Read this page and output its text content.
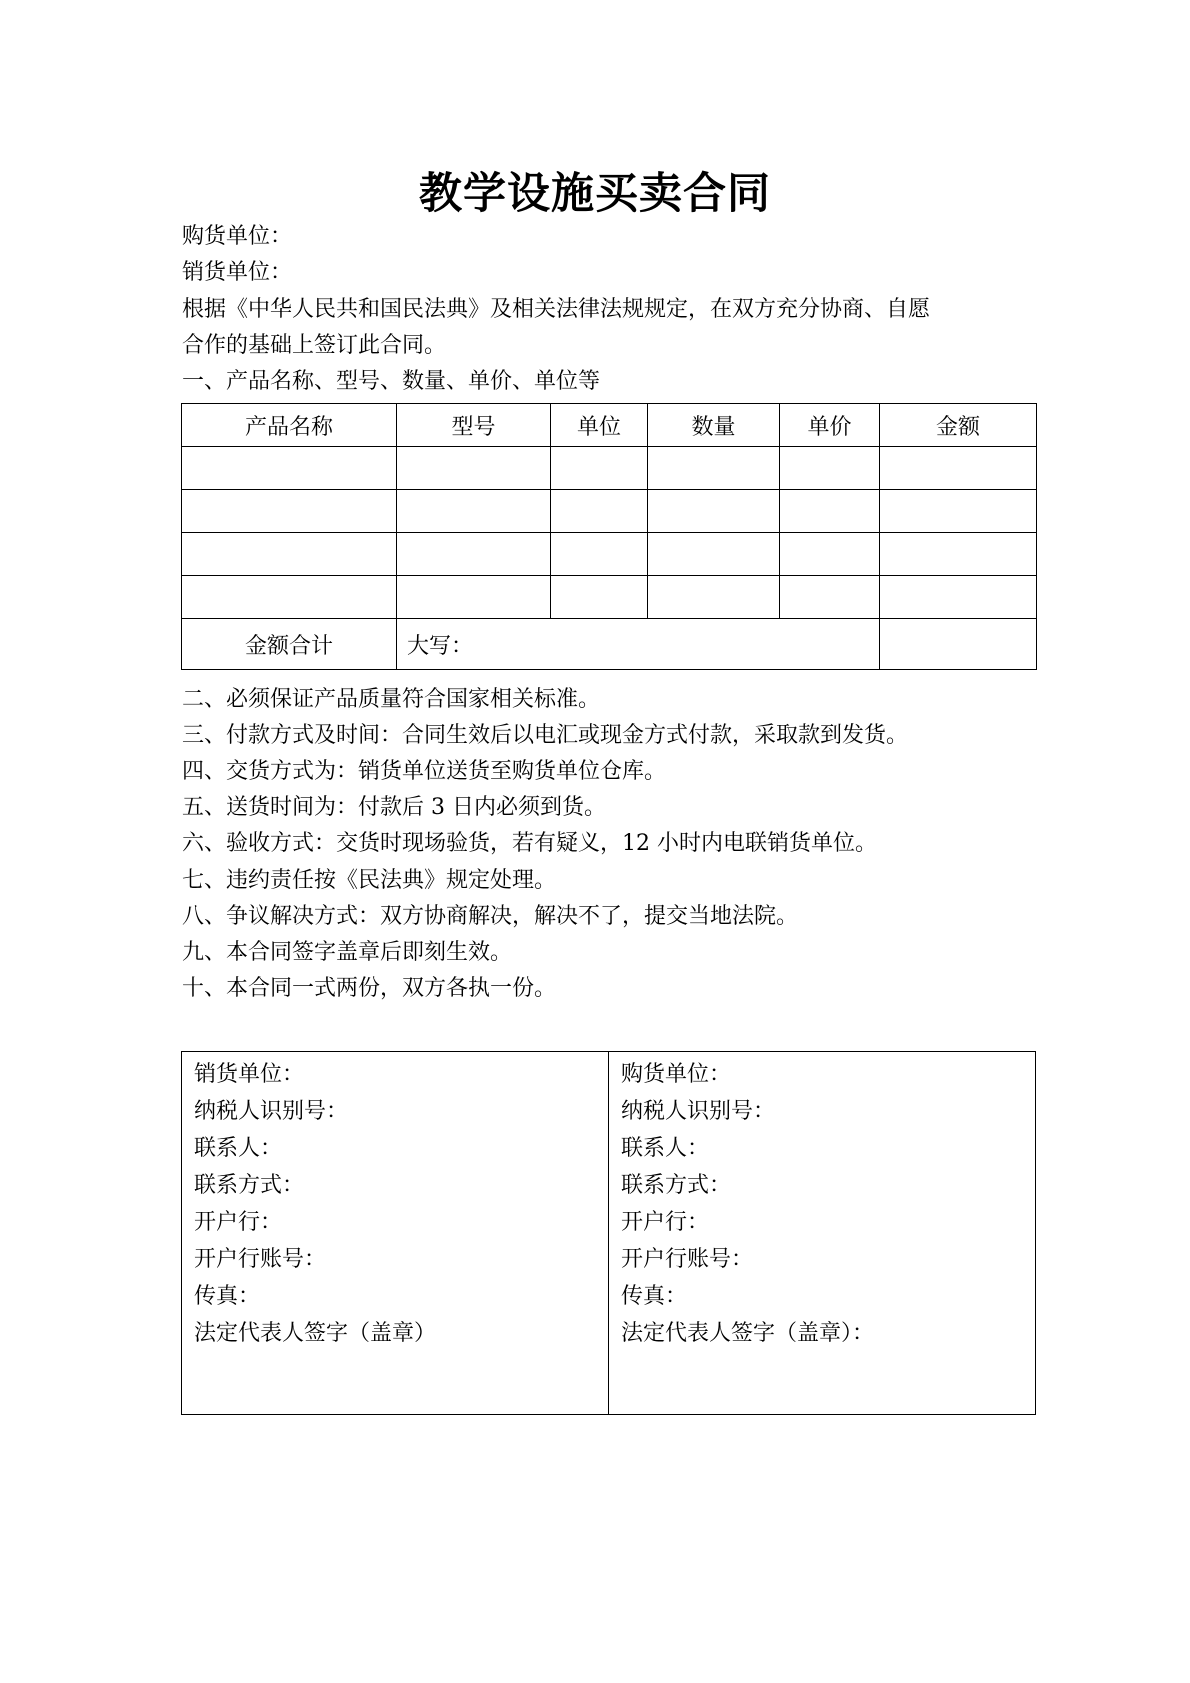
教学设施买卖合同
购货单位：
销货单位：
根据《中华人民共和国民法典》及相关法律法规规定，在双方充分协商、自愿
合作的基础上签订此合同。
一、产品名称、型号、数量、单价、单位等
产品名称	型号	单位	数量	单价	金额

金额合计	大写：				
二、必须保证产品质量符合国家相关标准。
三、付款方式及时间：合同生效后以电汇或现金方式付款，采取款到发货。
四、交货方式为：销货单位送货至购货单位仓库。
五、送货时间为：付款后 3 日内必须到货。
六、验收方式：交货时现场验货，若有疑义，12 小时内电联销货单位。
七、违约责任按《民法典》规定处理。
八、争议解决方式：双方协商解决，解决不了，提交当地法院。
九、本合同签字盖章后即刻生效。
十、本合同一式两份，双方各执一份。
销货单位：
纳税人识别号：
联系人：
联系方式：
开户行：
开户行账号：
传真：
法定代表人签字（盖章）

购货单位：
纳税人识别号：
联系人：
联系方式：
开户行：
开户行账号：
传真：
法定代表人签字（盖章）：
